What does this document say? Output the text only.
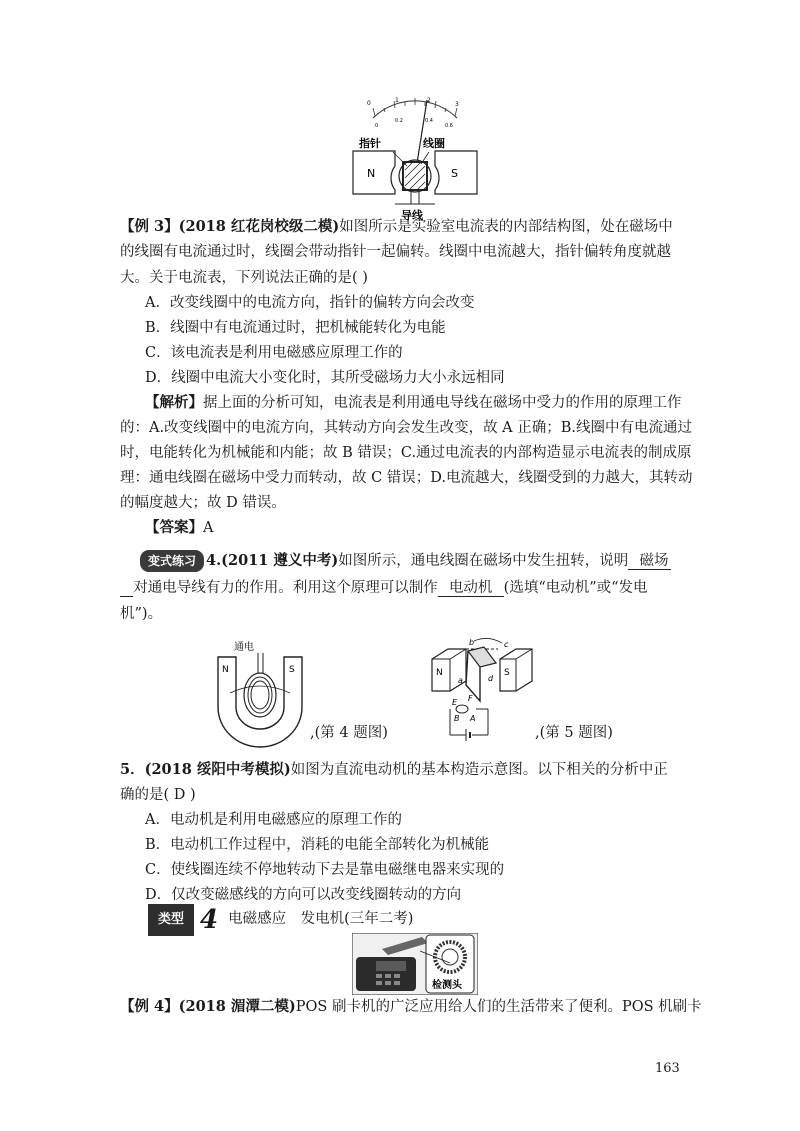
0	1	2
3
0
0.2	0.4
0.6
N	S
指针	线圈
导线
【例 3】(2018 红花岗校级二模)如图所示是实验室电流表的内部结构图，处在磁场中
的线圈有电流通过时，线圈会带动指针一起偏转。线圈中电流越大，指针偏转角度就越
大。关于电流表，下列说法正确的是( )
A．改变线圈中的电流方向，指针的偏转方向会改变
B．线圈中有电流通过时，把机械能转化为电能
C．该电流表是利用电磁感应原理工作的
D．线圈中电流大小变化时，其所受磁场力大小永远相同
【解析】据上面的分析可知，电流表是利用通电导线在磁场中受力的作用的原理工作
的：A.改变线圈中的电流方向，其转动方向会发生改变，故 A 正确；B.线圈中有电流通过
时，电能转化为机械能和内能；故 B 错误；C.通过电流表的内部构造显示电流表的制成原
理：通电线圈在磁场中受力而转动，故 C 错误；D.电流越大，线圈受到的力越大，其转动
的幅度越大；故 D 错误。
【答案】A
变式练习 4.(2011 遵义中考)如图所示，通电线圈在磁场中发生扭转，说明 磁场
对通电导线有力的作用。利用这个原理可以制作 电动机 (选填“电动机”或“发电
机”)。
N	S
通电
,(第 4 题图)
N	S
b	c
a	d
E F
B A
,(第 5 题图)
5．(2018 绥阳中考模拟)如图为直流电动机的基本构造示意图。以下相关的分析中正
确的是( D )
A．电动机是利用电磁感应的原理工作的
B．电动机工作过程中，消耗的电能全部转化为机械能
C．使线圈连续不停地转动下去是靠电磁继电器来实现的
D．仅改变磁感线的方向可以改变线圈转动的方向
类型 4 电磁感应　发电机(三年二考)
检测头
【例 4】(2018 湄潭二模)POS 刷卡机的广泛应用给人们的生活带来了便利。POS 机刷卡
163
